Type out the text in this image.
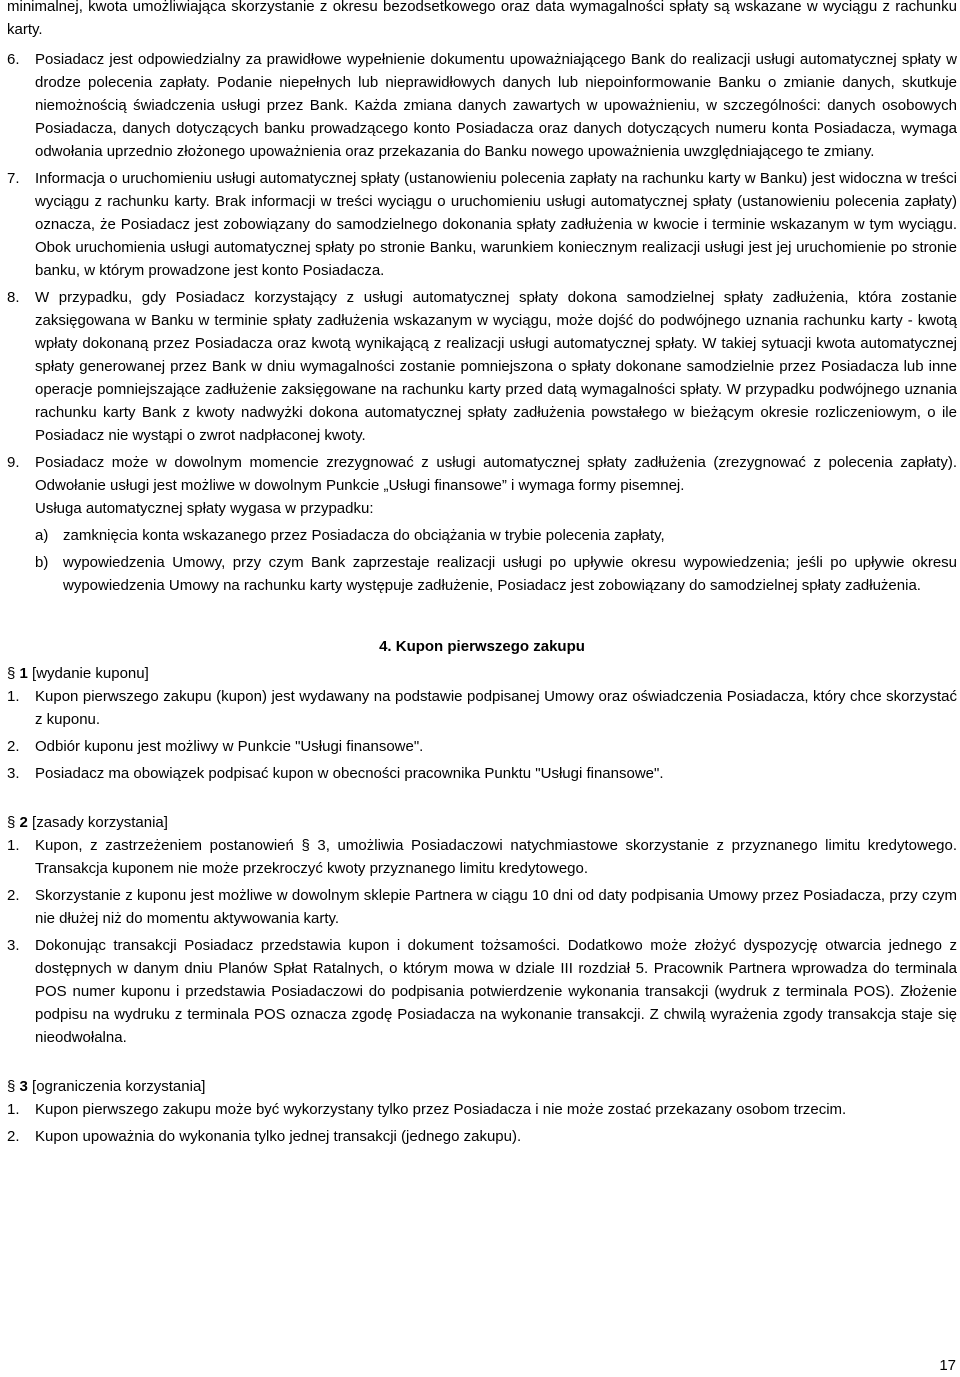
minimalnej, kwota umożliwiająca skorzystanie z okresu bezodsetkowego oraz data wymagalności spłaty są wskazane w wyciągu z rachunku karty.
6.	Posiadacz jest odpowiedzialny za prawidłowe wypełnienie dokumentu upoważniającego Bank do realizacji usługi automatycznej spłaty w drodze polecenia zapłaty. Podanie niepełnych lub nieprawidłowych danych lub niepoinformowanie Banku o zmianie danych, skutkuje niemożnością świadczenia usługi przez Bank. Każda zmiana danych zawartych w upoważnieniu, w szczególności: danych osobowych Posiadacza, danych dotyczących banku prowadzącego konto Posiadacza oraz danych dotyczących numeru konta Posiadacza, wymaga odwołania uprzednio złożonego upoważnienia oraz przekazania do Banku nowego upoważnienia uwzględniającego te zmiany.
7.	Informacja o uruchomieniu usługi automatycznej spłaty (ustanowieniu polecenia zapłaty na rachunku karty w Banku) jest widoczna w treści wyciągu z rachunku karty. Brak informacji w treści wyciągu o uruchomieniu usługi automatycznej spłaty (ustanowieniu polecenia zapłaty) oznacza, że Posiadacz jest zobowiązany do samodzielnego dokonania spłaty zadłużenia w kwocie i terminie wskazanym w tym wyciągu. Obok uruchomienia usługi automatycznej spłaty po stronie Banku, warunkiem koniecznym realizacji usługi jest jej uruchomienie po stronie banku, w którym prowadzone jest konto Posiadacza.
8.	W przypadku, gdy Posiadacz korzystający z usługi automatycznej spłaty dokona samodzielnej spłaty zadłużenia, która zostanie zaksięgowana w Banku w terminie spłaty zadłużenia wskazanym w wyciągu, może dojść do podwójnego uznania rachunku karty - kwotą wpłaty dokonaną przez Posiadacza oraz kwotą wynikającą z realizacji usługi automatycznej spłaty. W takiej sytuacji kwota automatycznej spłaty generowanej przez Bank w dniu wymagalności zostanie pomniejszona o spłaty dokonane samodzielnie przez Posiadacza lub inne operacje pomniejszające zadłużenie zaksięgowane na rachunku karty przed datą wymagalności spłaty. W przypadku podwójnego uznania rachunku karty Bank z kwoty nadwyżki dokona automatycznej spłaty zadłużenia powstałego w bieżącym okresie rozliczeniowym, o ile Posiadacz nie wystąpi o zwrot nadpłaconej kwoty.
9.	Posiadacz może w dowolnym momencie zrezygnować z usługi automatycznej spłaty zadłużenia (zrezygnować z polecenia zapłaty). Odwołanie usługi jest możliwe w dowolnym Punkcie „Usługi finansowe” i wymaga formy pisemnej.
Usługa automatycznej spłaty wygasa w przypadku:
a) zamknięcia konta wskazanego przez Posiadacza do obciążania w trybie polecenia zapłaty,
b) wypowiedzenia Umowy, przy czym Bank zaprzestaje realizacji usługi po upływie okresu wypowiedzenia; jeśli po upływie okresu wypowiedzenia Umowy na rachunku karty występuje zadłużenie, Posiadacz jest zobowiązany do samodzielnej spłaty zadłużenia.
4. Kupon pierwszego zakupu
§ 1 [wydanie kuponu]
1.	Kupon pierwszego zakupu (kupon) jest wydawany na podstawie podpisanej Umowy oraz oświadczenia Posiadacza, który chce skorzystać z kuponu.
2.	Odbiór kuponu jest możliwy w Punkcie "Usługi finansowe".
3.	Posiadacz ma obowiązek podpisać kupon w obecności pracownika Punktu "Usługi finansowe".
§ 2 [zasady korzystania]
1.	Kupon, z zastrzeżeniem postanowień § 3, umożliwia Posiadaczowi natychmiastowe skorzystanie z przyznanego limitu kredytowego. Transakcja kuponem nie może przekroczyć kwoty przyznanego limitu kredytowego.
2.	Skorzystanie z kuponu jest możliwe w dowolnym sklepie Partnera w ciągu 10 dni od daty podpisania Umowy przez Posiadacza, przy czym nie dłużej niż do momentu aktywowania karty.
3.	Dokonując transakcji Posiadacz przedstawia kupon i dokument tożsamości. Dodatkowo może złożyć dyspozycję otwarcia jednego z dostępnych w danym dniu Planów Spłat Ratalnych, o którym mowa w dziale III rozdział 5. Pracownik Partnera wprowadza do terminala POS numer kuponu i przedstawia Posiadaczowi do podpisania potwierdzenie wykonania transakcji (wydruk z terminala POS). Złożenie podpisu na wydruku z terminala POS oznacza zgodę Posiadacza na wykonanie transakcji. Z chwilą wyrażenia zgody transakcja staje się nieodwołalna.
§ 3 [ograniczenia korzystania]
1.	Kupon pierwszego zakupu może być wykorzystany tylko przez Posiadacza i nie może zostać przekazany osobom trzecim.
2.	Kupon upoważnia do wykonania tylko jednej transakcji (jednego zakupu).
17
